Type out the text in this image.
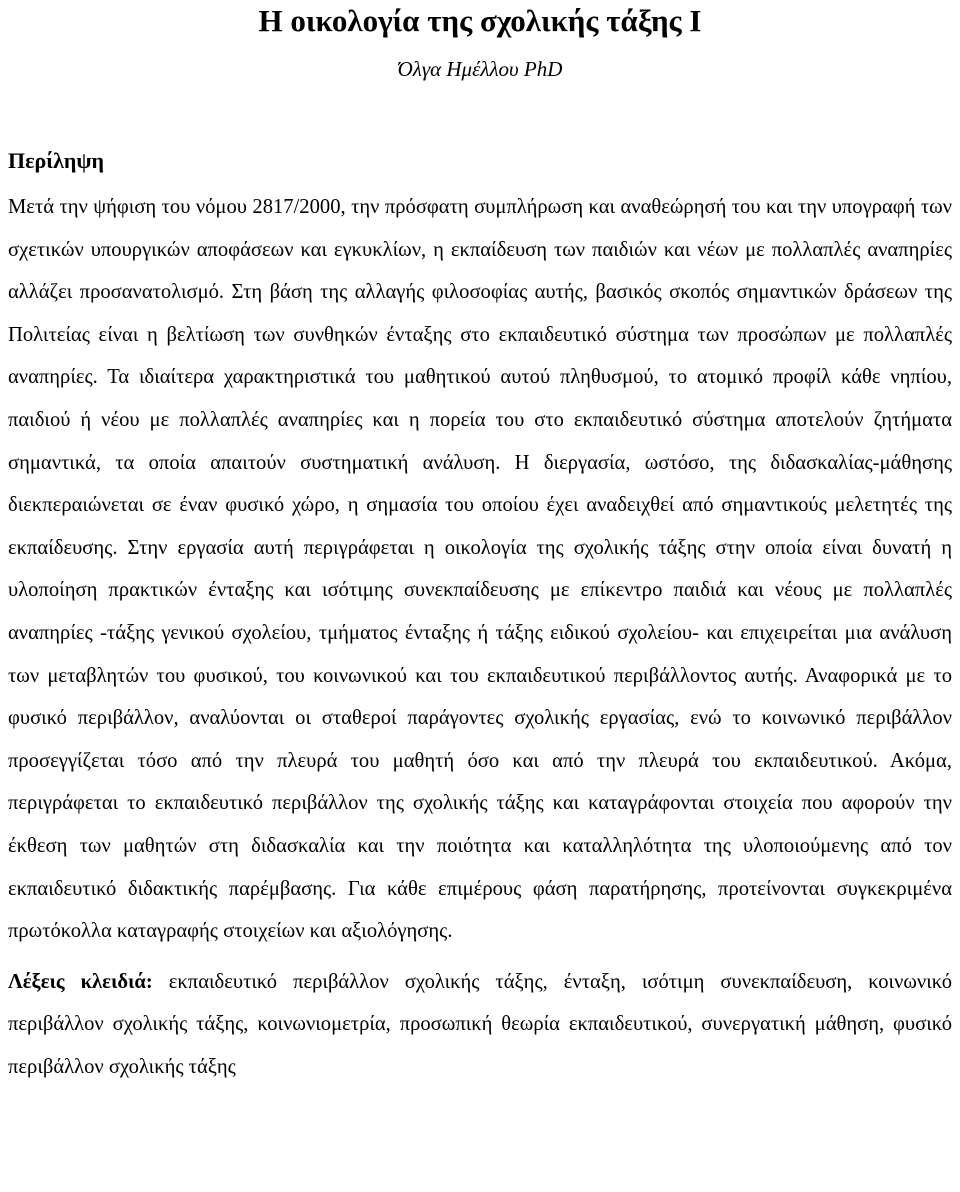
Η οικολογία της σχολικής τάξης Ι

Όλγα Ημέλλου PhD

Περίληψη

Μετά την ψήφιση του νόμου 2817/2000, την πρόσφατη συμπλήρωση και αναθεώρησή του και την υπογραφή των σχετικών υπουργικών αποφάσεων και εγκυκλίων, η εκπαίδευση των παιδιών και νέων με πολλαπλές αναπηρίες αλλάζει προσανατολισμό. Στη βάση της αλλαγής φιλοσοφίας αυτής, βασικός σκοπός σημαντικών δράσεων της Πολιτείας είναι η βελτίωση των συνθηκών ένταξης στο εκπαιδευτικό σύστημα των προσώπων με πολλαπλές αναπηρίες. Τα ιδιαίτερα χαρακτηριστικά του μαθητικού αυτού πληθυσμού, το ατομικό προφίλ κάθε νηπίου, παιδιού ή νέου με πολλαπλές αναπηρίες και η πορεία του στο εκπαιδευτικό σύστημα αποτελούν ζητήματα σημαντικά, τα οποία απαιτούν συστηματική ανάλυση. Η διεργασία, ωστόσο, της διδασκαλίας-μάθησης διεκπεραιώνεται σε έναν φυσικό χώρο, η σημασία του οποίου έχει αναδειχθεί από σημαντικούς μελετητές της εκπαίδευσης. Στην εργασία αυτή περιγράφεται η οικολογία της σχολικής τάξης στην οποία είναι δυνατή η υλοποίηση πρακτικών ένταξης και ισότιμης συνεκπαίδευσης με επίκεντρο παιδιά και νέους με πολλαπλές αναπηρίες -τάξης γενικού σχολείου, τμήματος ένταξης ή τάξης ειδικού σχολείου- και επιχειρείται μια ανάλυση των μεταβλητών του φυσικού, του κοινωνικού και του εκπαιδευτικού περιβάλλοντος αυτής. Αναφορικά με το φυσικό περιβάλλον, αναλύονται οι σταθεροί παράγοντες σχολικής εργασίας, ενώ το κοινωνικό περιβάλλον προσεγγίζεται τόσο από την πλευρά του μαθητή όσο και από την πλευρά του εκπαιδευτικού. Ακόμα, περιγράφεται το εκπαιδευτικό περιβάλλον της σχολικής τάξης και καταγράφονται στοιχεία που αφορούν την έκθεση των μαθητών στη διδασκαλία και την ποιότητα και καταλληλότητα της υλοποιούμενης από τον εκπαιδευτικό διδακτικής παρέμβασης. Για κάθε επιμέρους φάση παρατήρησης, προτείνονται συγκεκριμένα πρωτόκολλα καταγραφής στοιχείων και αξιολόγησης.

Λέξεις κλειδιά: εκπαιδευτικό περιβάλλον σχολικής τάξης, ένταξη, ισότιμη συνεκπαίδευση, κοινωνικό περιβάλλον σχολικής τάξης, κοινωνιομετρία, προσωπική θεωρία εκπαιδευτικού, συνεργατική μάθηση, φυσικό περιβάλλον σχολικής τάξης
